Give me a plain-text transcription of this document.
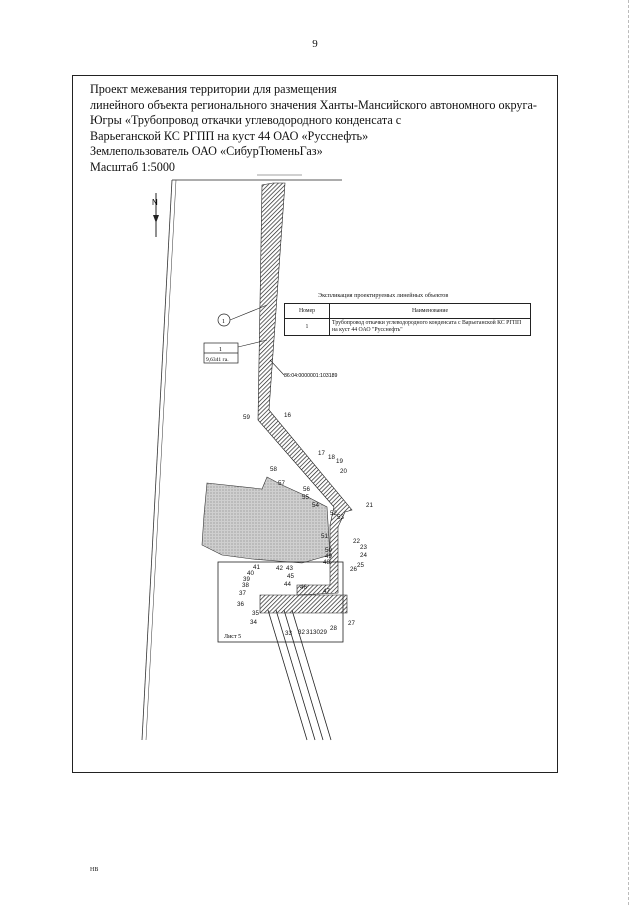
9
Проект межевания территории для размещения
линейного объекта регионального значения Ханты-Мансийского автономного округа-
Югры «Трубопровод откачки углеводородного конденсата с
Варьеганской КС РГПП на куст 44 ОАО «Русснефть»
Землепользователь ОАО «СибурТюменьГаз»
Масштаб 1:5000
N
Лист 5
1
1
9,6341 га.
86:04:0000001:103189
16
17
18
19
20
21
22
23
24
25
26
27
28
29
30
31
32
33
34
35
36
37
38
39
40
41	42 43
44
45
46
47
48
49
50
51
52
53
54
55
56
57
58
59
Экспликация проектируемых линейных объектов
Номер	Наименование
1	Трубопровод откачки углеводородного конденсата с Варьеганской КС РГПП на куст 44 ОАО "Русснефть"
НВ
